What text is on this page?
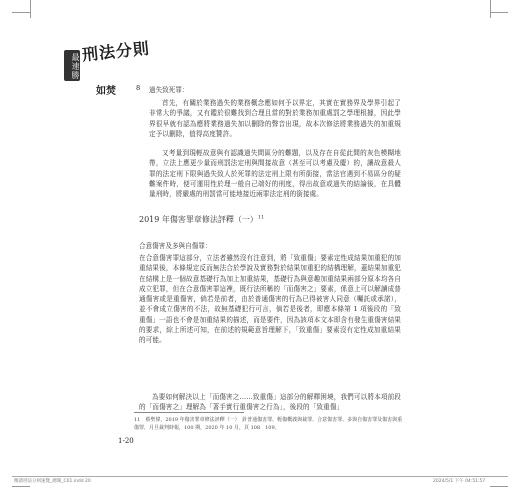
最速勝
刑法分則
如焚	8 過失致死罪：
首先，有關於業務過失的業務概念應如何予以界定，其實在實務界及學界引起了非常大的爭議，又有鑑於很難找到合理且當的對於業務加重處罰之學理根據，因此學界很早就有認為應將業務過失加以刪除的聲音出現，故本次修法將業務過失的加重規定予以刪除，值得高度贊許。
又考量到現輕故意與有認識過失間區分的難題，以及存在自從此間的灰色模糊地帶，立法上應更少量而刑罰法定刑與間接故意（甚至可以考慮及慶）的，讓故意殺人罪的法定刑下限與過失致人於死罪的法定刑上限有所銜接，當法官遇到不易區分的疑難案件時，便可運用性於理一般自己端好的刑度，得出故意或過失的結論後，在具體量刑時，將嚴處的刑罰當可能地接近兩罪法定刑的銜接處。
2019 年傷害罪章修法評釋（一）$^{11}$
合意傷害及多與自傷罪：
在合意傷害罪這部分，立法者雖然沒有注意到，將「致重傷」要素定性成結果加重犯的加重結果後，本條規定反而無法合於學說及實務對於結果加重犯的結構理解，蓋結果加重犯在結構上是一個故意基礎行為加上加重結果，基礎行為與意趣加重結果兩部分原本均各自成立犯罪，但在合意傷害罪這裡，既行法所稱的「而傷害之」要素，係意上可以解讀成普通傷害或是重傷害，倘若是前者，由於普通傷害的行為已得被害人同意（囑託或承諾），並不會成立傷害的不法，故無基礎犯行可言，倘若是後者，即應本條第 1 項後段的「致重傷」一語也不會是加重結果的描述，而是要件，因為該項本文本即含有發生重傷害結果的要求，綜上所述可知，在前述的規範意旨理解下，「致重傷」要素沒有定性成加重結果的可能。
為要如何解決以上「而傷害之……致重傷」這部分的解釋困境，我們可以將本項前段的「而傷害之」理解為「著手實行重傷害之行為」，後段的「致重傷」
11　蔡聖偉，2019 年傷害罪章修法評釋（一）　針普通傷害罪、輕傷概義與裁罪、合意傷害罪、多與自傷害罪及傷害與重傷罪，月旦裁判時報，100 期，2020 年 10 月，頁 108　109。
1-20
精讀刑法分則速覽_總閱_C01.indd 20	2024/5/1 下午 04:51:57
